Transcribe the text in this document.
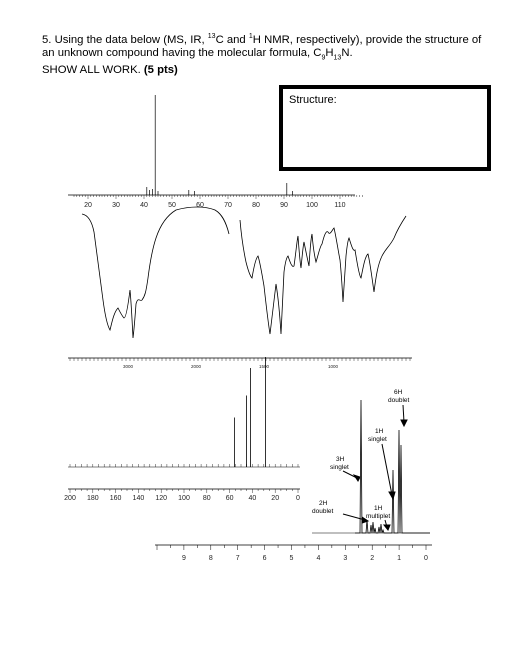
5. Using the data below (MS, IR, $^{13}$C and $^1$H NMR, respectively), provide the structure of an unknown compound having the molecular formula, $C_9H_{13}N$.
SHOW ALL WORK. (5 pts)
Structure:
20	30	40	50	60	70	80	90	100 110
3000	2000	1500	1000
200 180 160 140 120 100 80 60 40 20 0
9	8	7	6	5	4	3	2	1	0
6H
doublet
1H
singlet
3H
singlet
2H
doublet	1H
multiplet
